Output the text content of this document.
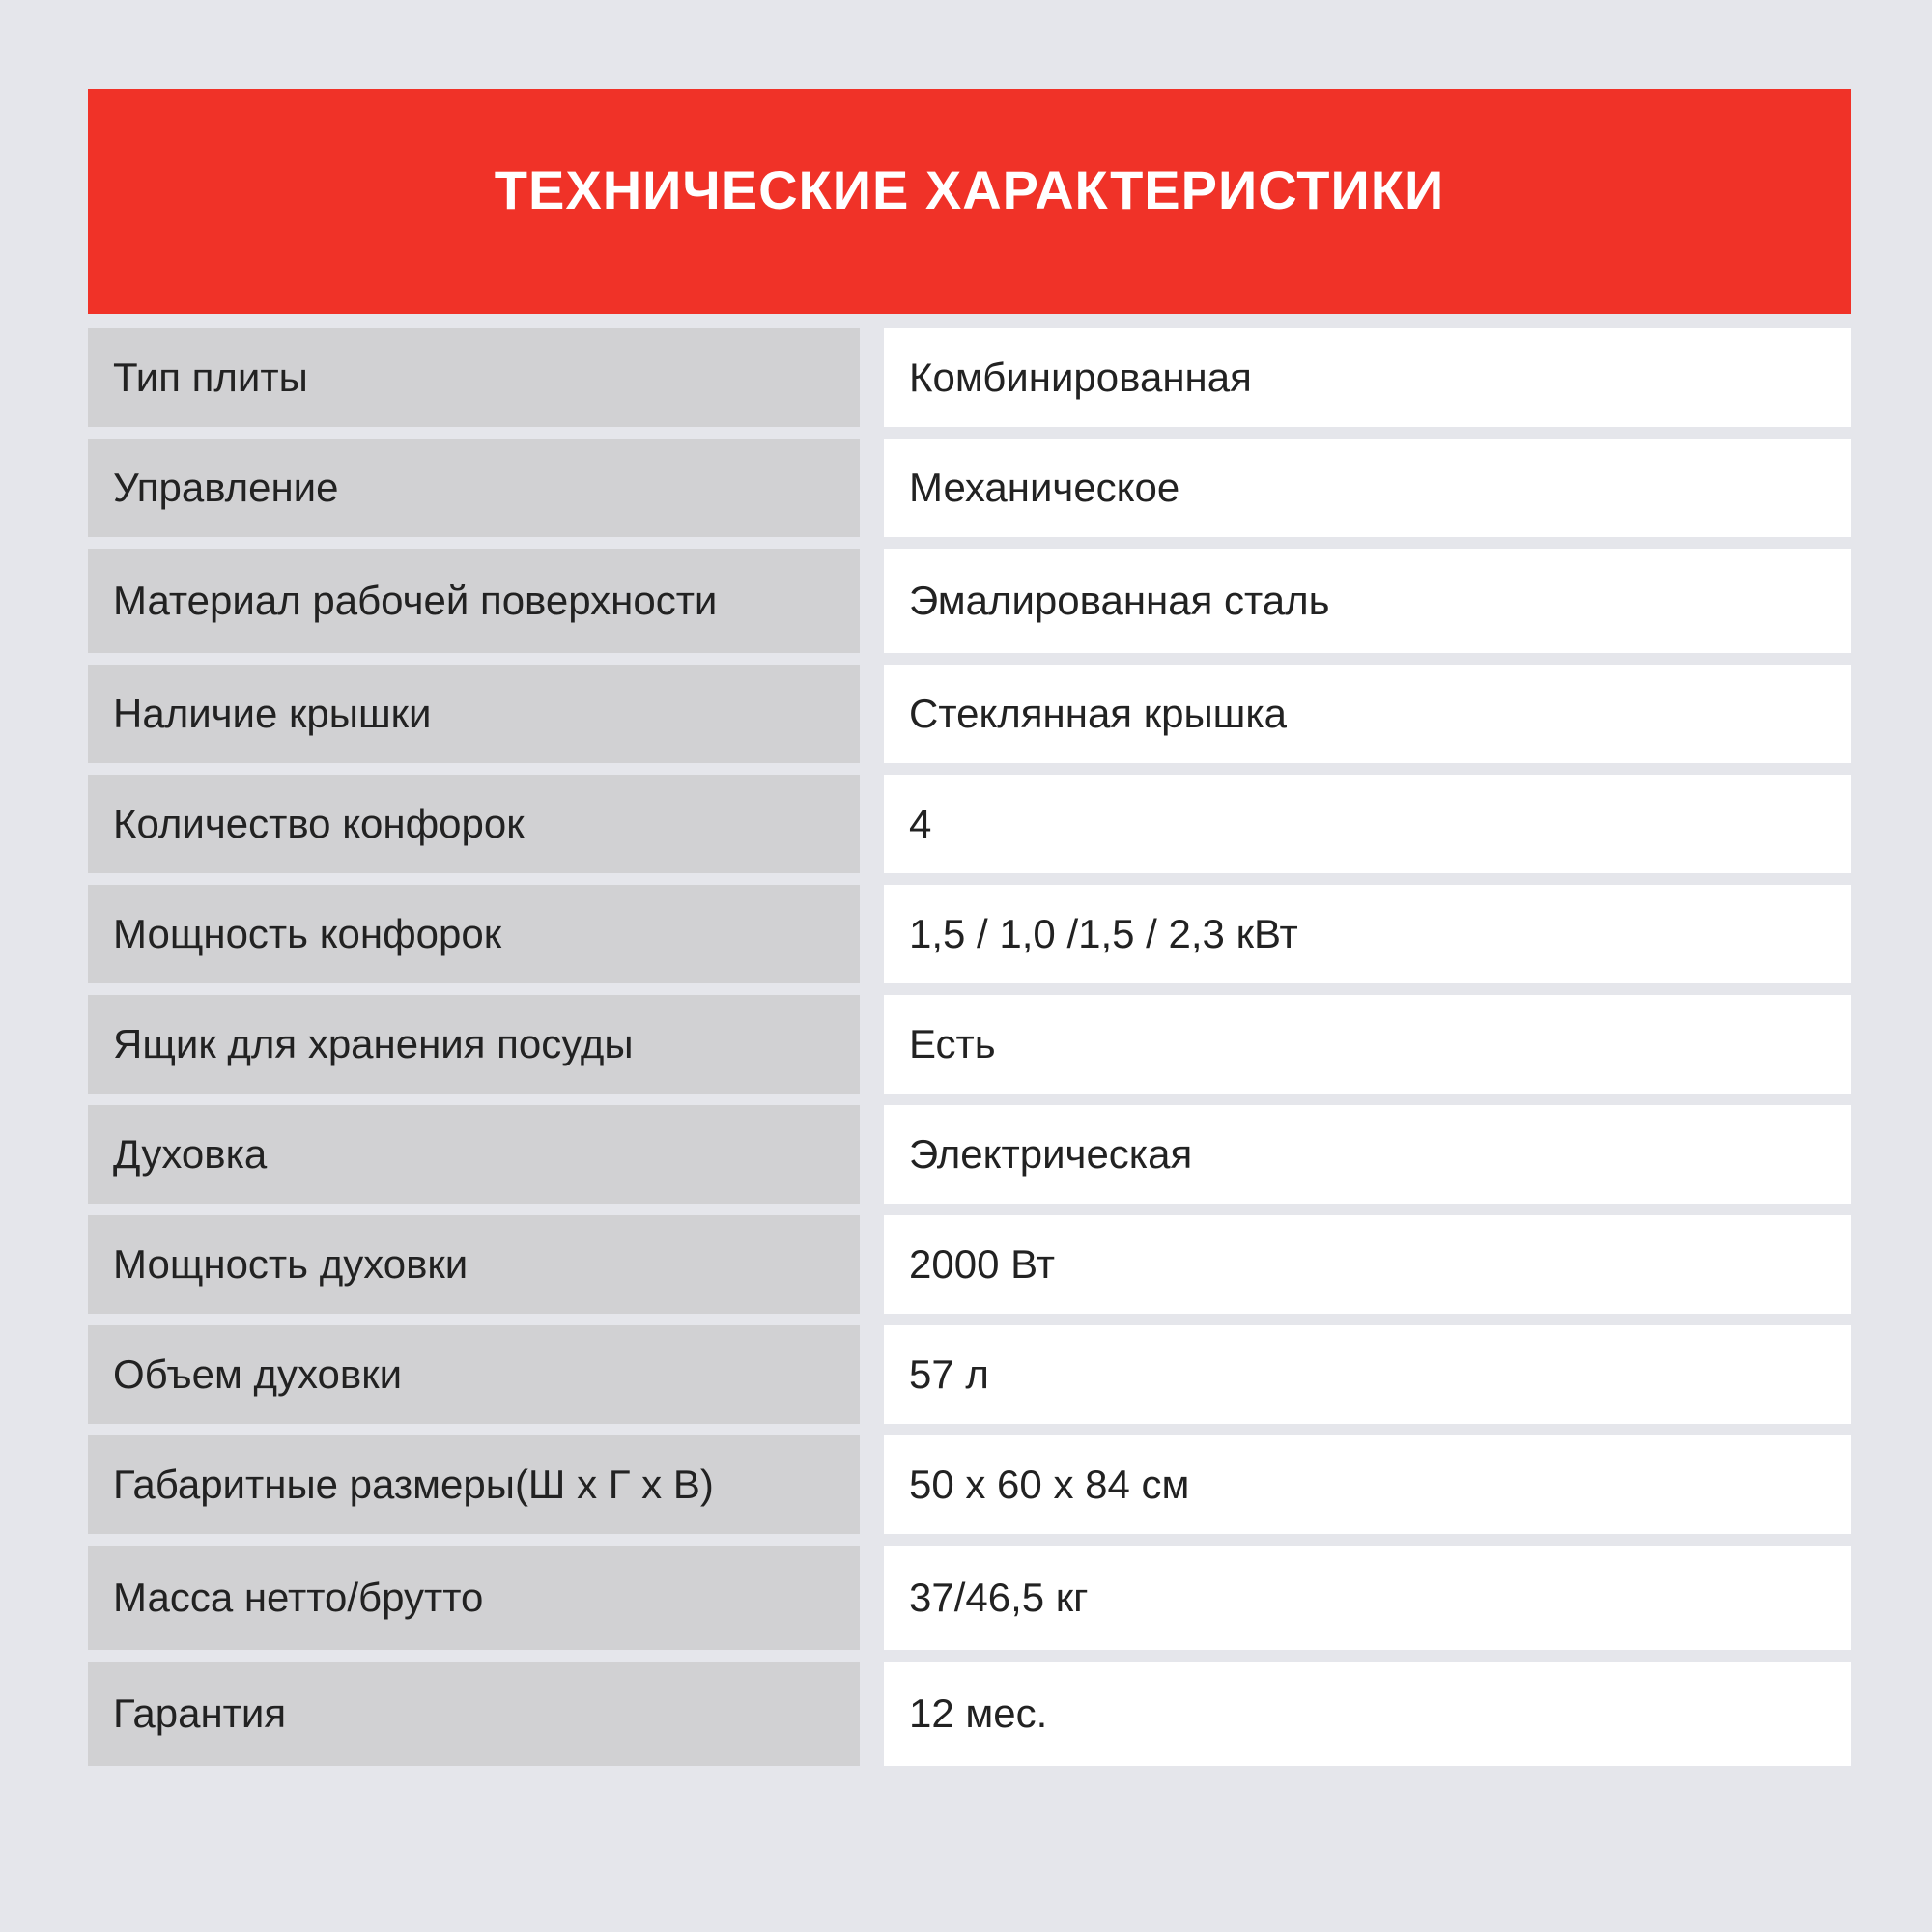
ТЕХНИЧЕСКИЕ ХАРАКТЕРИСТИКИ
Тип плиты	Комбинированная
Управление	Механическое
Материал рабочей поверхности	Эмалированная сталь
Наличие крышки	Стеклянная крышка
Количество конфорок	4
Мощность конфорок	1,5 / 1,0 /1,5 / 2,3 кВт
Ящик для хранения посуды	Есть
Духовка	Электрическая
Мощность духовки	2000 Вт
Объем духовки	57 л
Габаритные размеры(Ш х Г х В)	50 х 60 х 84 см
Масса нетто/брутто	37/46,5 кг
Гарантия	12 мес.
